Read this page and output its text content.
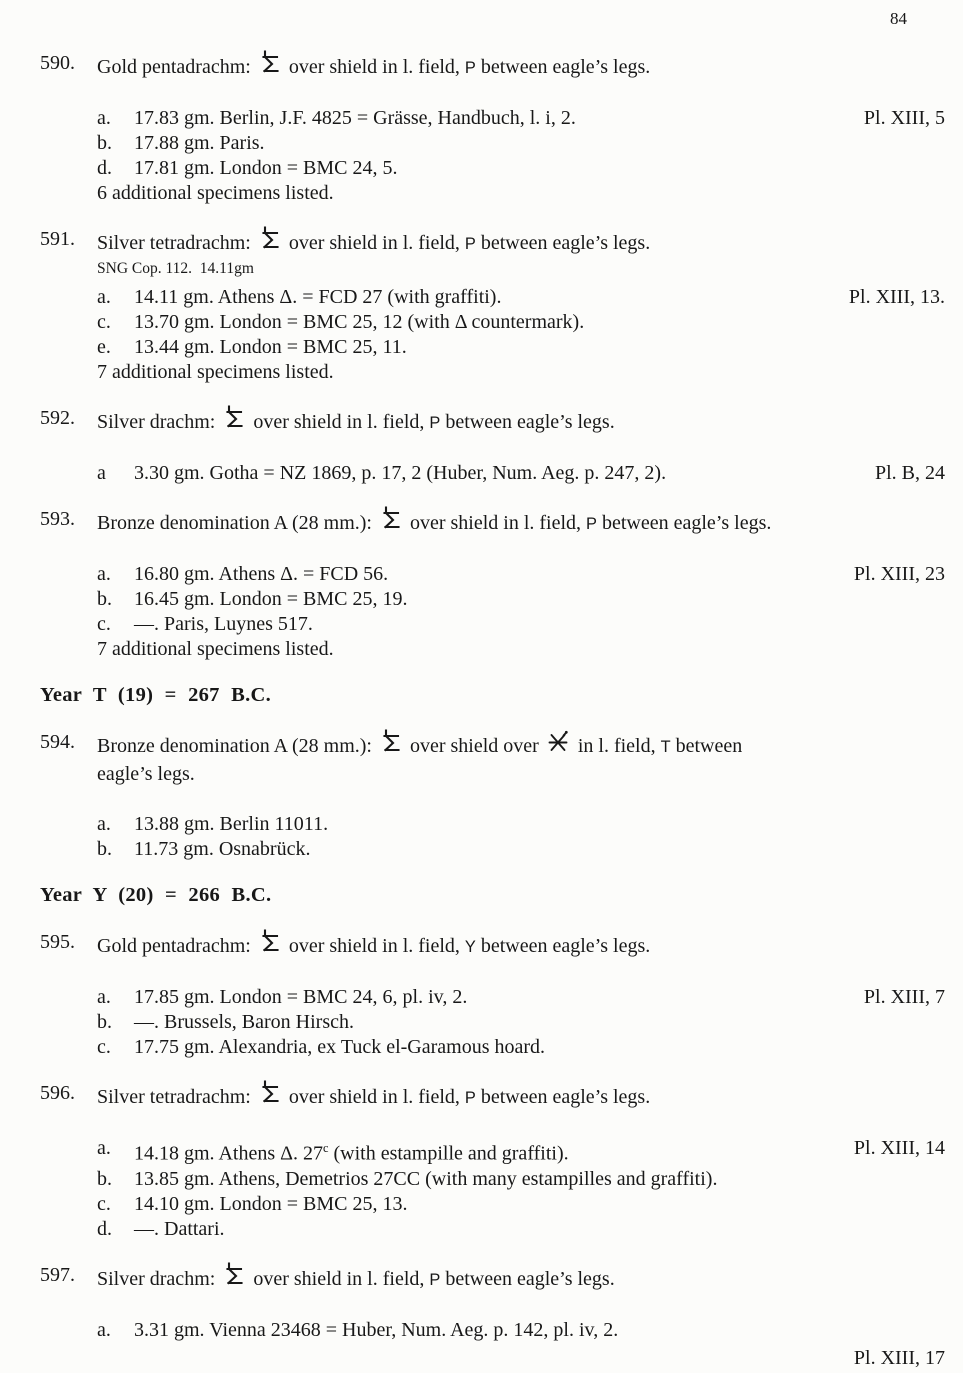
84
590.	Gold pentadrachm:  over shield in l. field, P between eagle’s legs.
a.	17.83 gm. Berlin, J.F. 4825 = Grässe, Handbuch, l. i, 2.	Pl. XIII, 5
b.	17.88 gm. Paris.
d.	17.81 gm. London = BMC 24, 5.
6 additional specimens listed.
591.	Silver tetradrachm:  over shield in l. field, P between eagle’s legs.
SNG Cop. 112.  14.11gm
a.	14.11 gm. Athens Δ. = FCD 27 (with graffiti).	Pl. XIII, 13.
c.	13.70 gm. London = BMC 25, 12 (with Δ countermark).
e.	13.44 gm. London = BMC 25, 11.
7 additional specimens listed.
592.	Silver drachm:  over shield in l. field, P between eagle’s legs.
a	3.30 gm. Gotha = NZ 1869, p. 17, 2 (Huber, Num. Aeg. p. 247, 2).	Pl. B, 24
593.	Bronze denomination A (28 mm.):  over shield in l. field, P between eagle’s legs.
a.	16.80 gm. Athens Δ. = FCD 56.	Pl. XIII, 23
b.	16.45 gm. London = BMC 25, 19.
c.	—. Paris, Luynes 517.
7 additional specimens listed.
Year T (19) = 267 B.C.
594.	Bronze denomination A (28 mm.):  over shield over  in l. field, T between
eagle’s legs.
a.	13.88 gm. Berlin 11011.
b.	11.73 gm. Osnabrück.
Year Y (20) = 266 B.C.
595.	Gold pentadrachm:  over shield in l. field, Y between eagle’s legs.
a.	17.85 gm. London = BMC 24, 6, pl. iv, 2.	Pl. XIII, 7
b.	—. Brussels, Baron Hirsch.
c.	17.75 gm. Alexandria, ex Tuck el-Garamous hoard.
596.	Silver tetradrachm:  over shield in l. field, P between eagle’s legs.
a.	14.18 gm. Athens Δ. 27$^c$ (with estampille and graffiti).	Pl. XIII, 14
b.	13.85 gm. Athens, Demetrios 27CC (with many estampilles and graffiti).
c.	14.10 gm. London = BMC 25, 13.
d.	—. Dattari.
597.	Silver drachm:  over shield in l. field, P between eagle’s legs.
a.	3.31 gm. Vienna 23468 = Huber, Num. Aeg. p. 142, pl. iv, 2.
Pl. XIII, 17
